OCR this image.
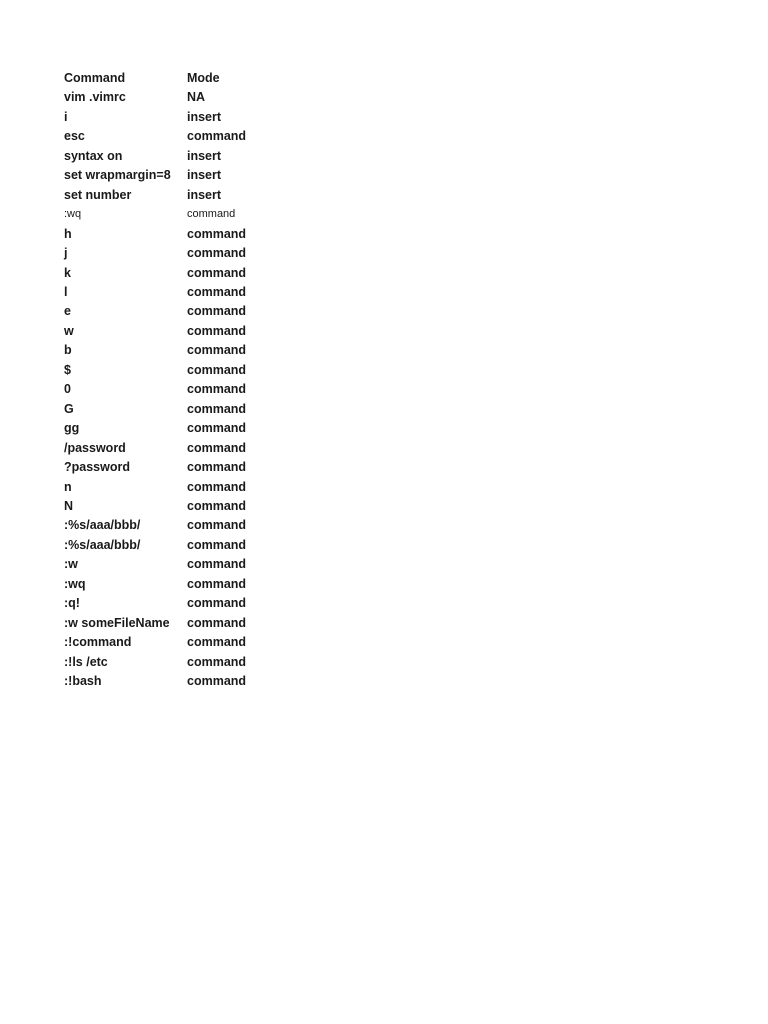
Command	Mode
vim .vimrc	NA
i	insert
esc	command
syntax on	insert
set wrapmargin=8	insert
set number	insert
:wq	command
h	command
j	command
k	command
l	command
e	command
w	command
b	command
$	command
0	command
G	command
gg	command
/password	command
?password	command
n	command
N	command
:%s/aaa/bbb/	command
:%s/aaa/bbb/	command
:w	command
:wq	command
:q!	command
:w someFileName	command
:!command	command
:!ls /etc	command
:!bash	command
